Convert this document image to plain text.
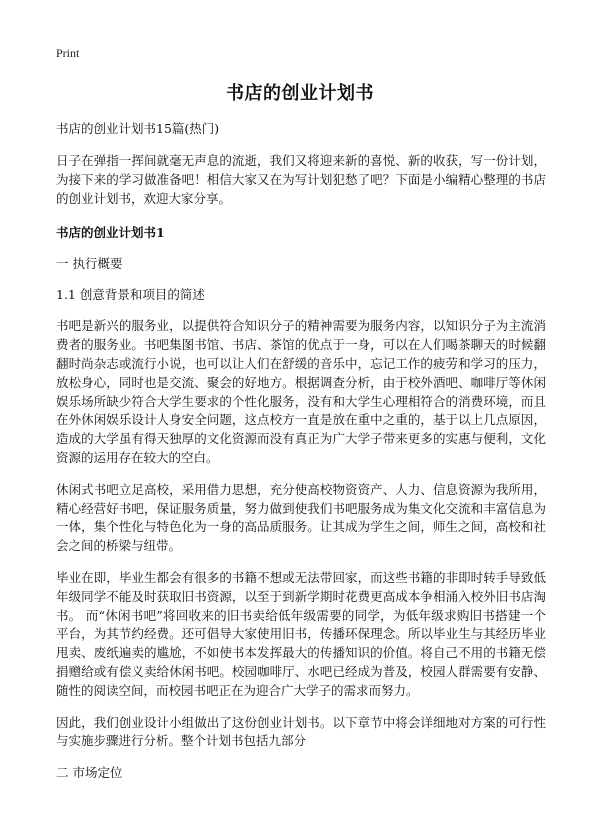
Print
书店的创业计划书
书店的创业计划书15篇(热门)

日子在弹指一挥间就毫无声息的流逝，我们又将迎来新的喜悦、新的收获，写一份计划，为接下来的学习做准备吧！相信大家又在为写计划犯愁了吧？下面是小编精心整理的书店的创业计划书，欢迎大家分享。

书店的创业计划书1
一 执行概要
1.1 创意背景和项目的简述

书吧是新兴的服务业，以提供符合知识分子的精神需要为服务内容，以知识分子为主流消费者的服务业。书吧集图书馆、书店、茶馆的优点于一身，可以在人们喝茶聊天的时候翻翻时尚杂志或流行小说，也可以让人们在舒缓的音乐中，忘记工作的疲劳和学习的压力，放松身心，同时也是交流、聚会的好地方。根据调查分析，由于校外酒吧、咖啡厅等休闲娱乐场所缺少符合大学生要求的个性化服务，没有和大学生心理相符合的消费环境，而且在外休闲娱乐设计人身安全问题，这点校方一直是放在重中之重的，基于以上几点原因，造成的大学虽有得天独厚的文化资源而没有真正为广大学子带来更多的实惠与便利，文化资源的运用存在较大的空白。

休闲式书吧立足高校，采用借力思想，充分使高校物资资产、人力、信息资源为我所用，精心经营好书吧，保证服务质量，努力做到使我们书吧服务成为集文化交流和丰富信息为一体，集个性化与特色化为一身的高品质服务。让其成为学生之间，师生之间，高校和社会之间的桥梁与纽带。

毕业在即，毕业生都会有很多的书籍不想或无法带回家，而这些书籍的非即时转手导致低年级同学不能及时获取旧书资源，以至于到新学期时花费更高成本争相涌入校外旧书店淘书。 而“休闲书吧”将回收来的旧书卖给低年级需要的同学，为低年级求购旧书搭建一个平台，为其节约经费。还可倡导大家使用旧书，传播环保理念。所以毕业生与其经历毕业甩卖、废纸遍卖的尴尬，不如使书本发挥最大的传播知识的价值。将自己不用的书籍无偿捐赠给或有偿义卖给休闲书吧。校园咖啡厅、水吧已经成为普及，校园人群需要有安静、随性的阅读空间，而校园书吧正在为迎合广大学子的需求而努力。

因此，我们创业设计小组做出了这份创业计划书。以下章节中将会详细地对方案的可行性与实施步骤进行分析。整个计划书包括九部分

二 市场定位
